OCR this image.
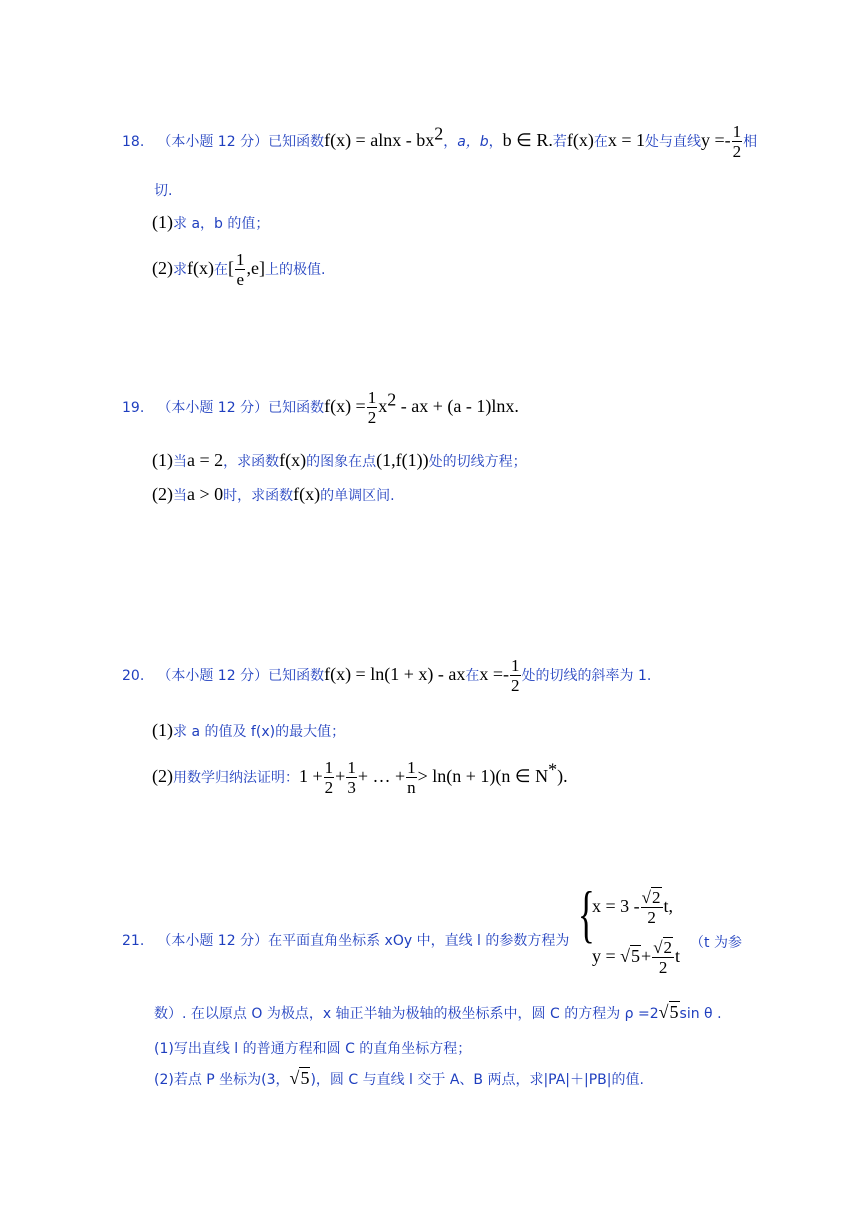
18. （本小题 12 分）已知函数$f(x) = alnx - bx^2$，a，b，b ∈ R.若f(x)在x = 1处与直线$y =- \frac{1}{2}$ 相
切.
(1)求 a，b 的值；
(2)求f(x)在[ $\frac{1}{e} ,e$]上的极值.
19. （本小题 12 分）已知函数$f(x) = \frac{1}{2} x^2$ - ax + (a - 1)lnx.
(1)当a = 2，求函数f(x)的图象在点(1,f(1))处的切线方程；
(2)当a > 0时，求函数f(x)的单调区间.
20. （本小题 12 分）已知函数f(x) = ln(1 + x) - ax在$x =- \frac{1}{2}$ 处的切线的斜率为 1.
(1)求 a 的值及 f(x)的最大值；
(2)用数学归纳法证明：$1 + \frac{1}{2} + \frac{1}{3}$ + … + $\frac{1}{n} > \ln(n + 1)(n$ ∈ N*).
21. （本小题 12 分）在平面直角坐标系 xOy 中，直线 l 的参数方程为 {
$x = 3 - \frac{√2}{2} t$,
$y = √5+ \frac{√2}{2}$ t
（t 为参
数）. 在以原点 O 为极点，x 轴正半轴为极轴的极坐标系中，圆 C 的方程为 ρ =2√5sin θ .
(1)写出直线 l 的普通方程和圆 C 的直角坐标方程；
(2)若点 P 坐标为(3，√5)，圆 C 与直线 l 交于 A、B 两点，求|PA|＋|PB|的值.
